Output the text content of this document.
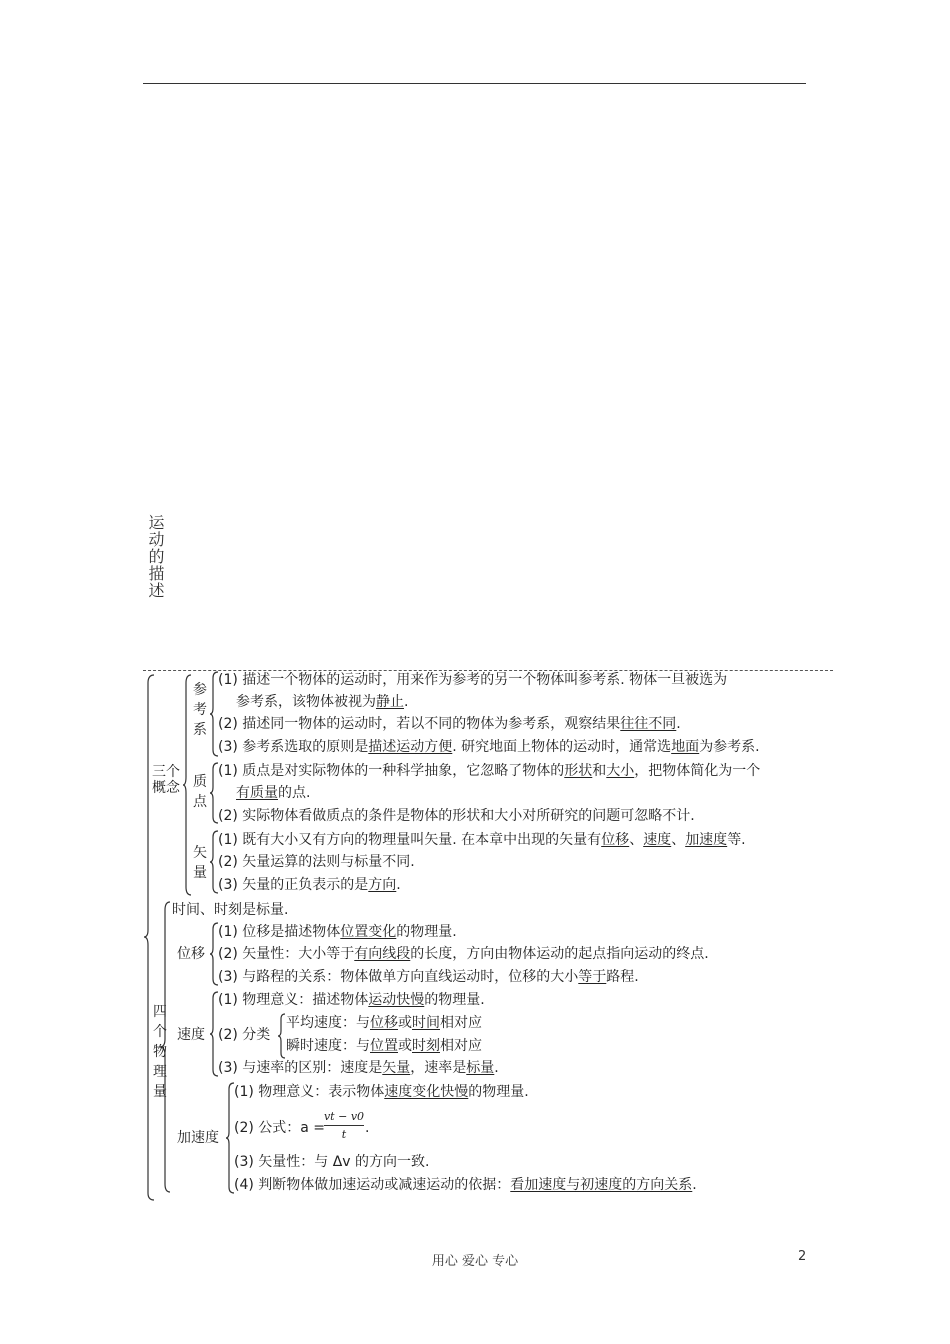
运动的描述
三个概念
参考系
(1) 描述一个物体的运动时，用来作为参考的另一个物体叫参考系. 物体一旦被选为
参考系，该物体被视为静止.
(2) 描述同一物体的运动时，若以不同的物体为参考系，观察结果往往不同.
(3) 参考系选取的原则是描述运动方便. 研究地面上物体的运动时，通常选地面为参考系.
质点
(1) 质点是对实际物体的一种科学抽象，它忽略了物体的形状和大小，把物体简化为一个
有质量的点.
(2) 实际物体看做质点的条件是物体的形状和大小对所研究的问题可忽略不计.
矢量
(1) 既有大小又有方向的物理量叫矢量. 在本章中出现的矢量有位移、速度、加速度等.
(2) 矢量运算的法则与标量不同.
(3) 矢量的正负表示的是方向.
四个物理量
时间、时刻是标量.
位移
(1) 位移是描述物体位置变化的物理量.
(2) 矢量性：大小等于有向线段的长度，方向由物体运动的起点指向运动的终点.
(3) 与路程的关系：物体做单方向直线运动时，位移的大小等于路程.
速度
(1) 物理意义：描述物体运动快慢的物理量.
(2) 分类
平均速度：与位移或时间相对应
瞬时速度：与位置或时刻相对应
(3) 与速率的区别：速度是矢量，速率是标量.
加速度
(1) 物理意义：表示物体速度变化快慢的物理量.
(2) 公式：a =
vt − v0
t	.
(3) 矢量性：与 Δv 的方向一致.
(4) 判断物体做加速运动或减速运动的依据：看加速度与初速度的方向关系.
用心 爱心 专心	2
